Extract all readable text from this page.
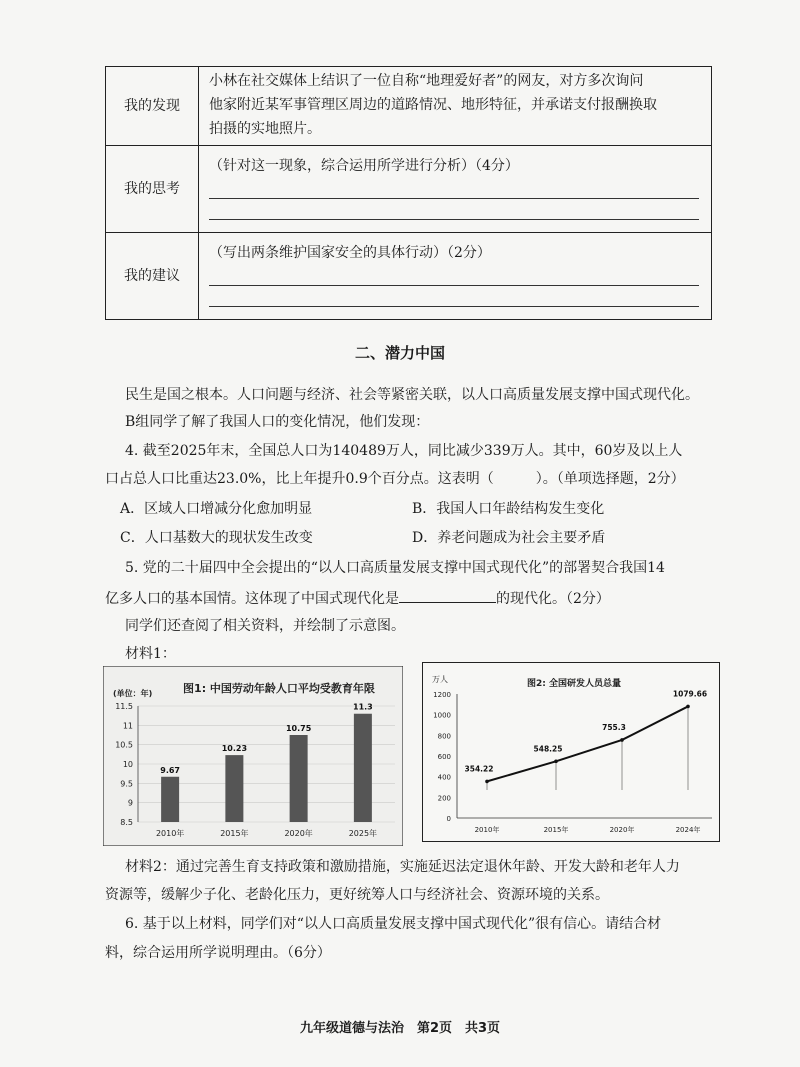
我的发现	小林在社交媒体上结识了一位自称“地理爱好者”的网友，对方多次询问
他家附近某军事管理区周边的道路情况、地形特征，并承诺支付报酬换取
拍摄的实地照片。

我的思考	（针对这一现象，综合运用所学进行分析）（4分）

我的建议	（写出两条维护国家安全的具体行动）（2分）
二、潜力中国
民生是国之根本。人口问题与经济、社会等紧密关联，以人口高质量发展支撑中国式现代化。
B组同学了解了我国人口的变化情况，他们发现：
4. 截至2025年末，全国总人口为140489万人，同比减少339万人。其中，60岁及以上人
口占总人口比重达23.0%，比上年提升0.9个百分点。这表明（　　　）。（单项选择题，2分）
A．区域人口增减分化愈加明显	B．我国人口年龄结构发生变化
C．人口基数大的现状发生改变	D．养老问题成为社会主要矛盾
5. 党的二十届四中全会提出的“以人口高质量发展支撑中国式现代化”的部署契合我国14
亿多人口的基本国情。这体现了中国式现代化是	的现代化。（2分）
同学们还查阅了相关资料，并绘制了示意图。
材料1：
(单位：年)	图1: 中国劳动年龄人口平均受教育年限
8.5
9
9.5
10
10.5
11
11.5
9.67
2010年
10.23
2015年
10.75
2020年
11.3
2025年
万人	图2: 全国研发人员总量
0
200
400
600
800
1000
1200
354.22
2010年
548.25
2015年
755.3
2020年
1079.66
2024年
材料2：通过完善生育支持政策和激励措施，实施延迟法定退休年龄、开发大龄和老年人力
资源等，缓解少子化、老龄化压力，更好统筹人口与经济社会、资源环境的关系。
6. 基于以上材料，同学们对“以人口高质量发展支撑中国式现代化”很有信心。请结合材
料，综合运用所学说明理由。（6分）
九年级道德与法治　第2页　共3页
